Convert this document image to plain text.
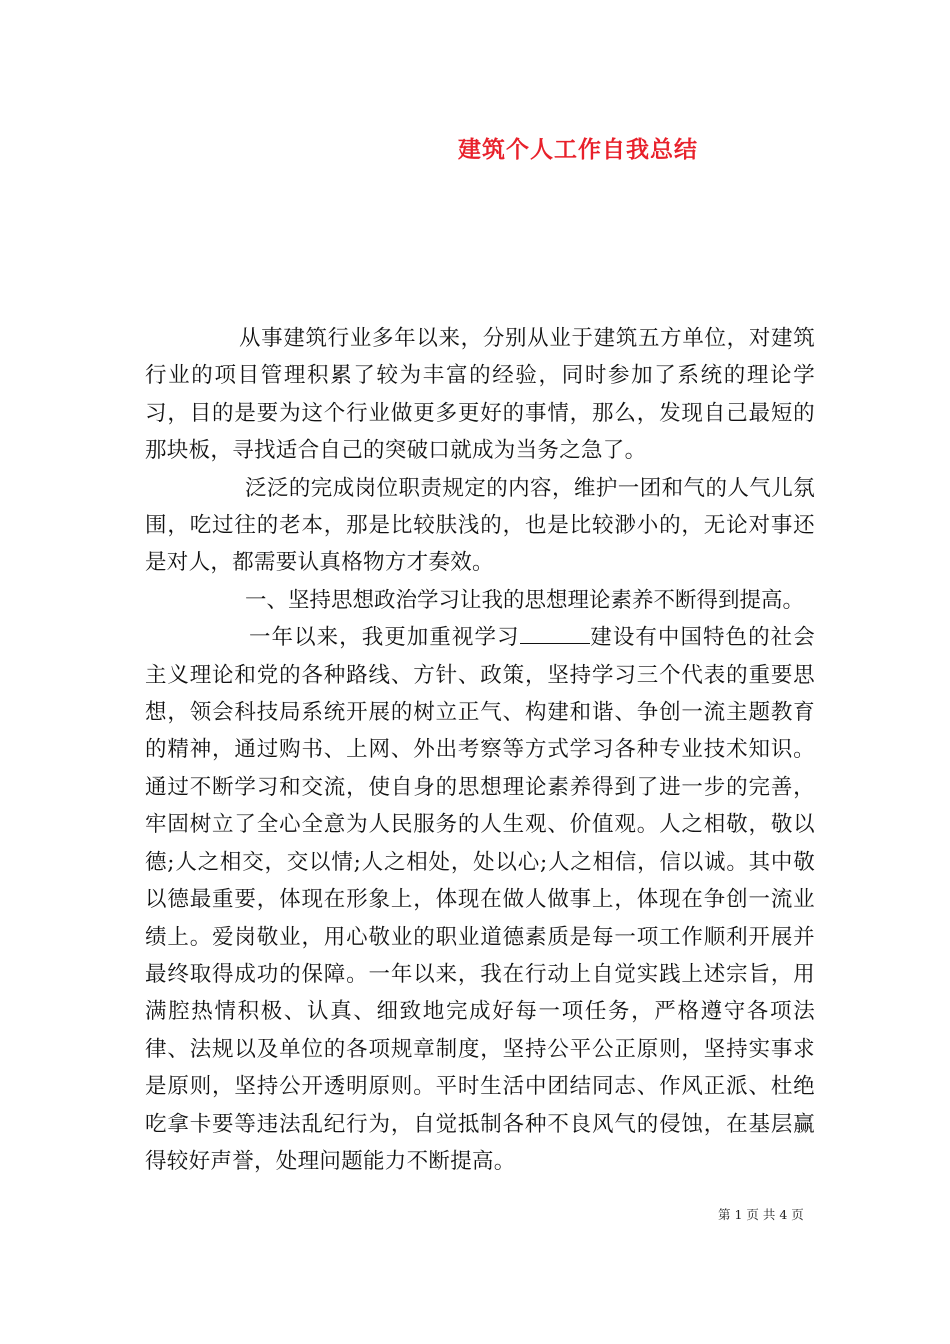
建筑个人工作自我总结

从事建筑行业多年以来，分别从业于建筑五方单位，对建筑行业的项目管理积累了较为丰富的经验，同时参加了系统的理论学习，目的是要为这个行业做更多更好的事情，那么，发现自己最短的那块板，寻找适合自己的突破口就成为当务之急了。

泛泛的完成岗位职责规定的内容，维护一团和气的人气儿氛围，吃过往的老本，那是比较肤浅的，也是比较渺小的，无论对事还是对人，都需要认真格物方才奏效。

一、坚持思想政治学习让我的思想理论素养不断得到提高。

一年以来，我更加重视学习	建设有中国特色的社会主义理论和党的各种路线、方针、政策，坚持学习三个代表的重要思想，领会科技局系统开展的树立正气、构建和谐、争创一流主题教育的精神，通过购书、上网、外出考察等方式学习各种专业技术知识。通过不断学习和交流，使自身的思想理论素养得到了进一步的完善，牢固树立了全心全意为人民服务的人生观、价值观。人之相敬，敬以德;人之相交，交以情;人之相处，处以心;人之相信，信以诚。其中敬以德最重要，体现在形象上，体现在做人做事上，体现在争创一流业绩上。爱岗敬业，用心敬业的职业道德素质是每一项工作顺利开展并最终取得成功的保障。一年以来，我在行动上自觉实践上述宗旨，用满腔热情积极、认真、细致地完成好每一项任务，严格遵守各项法律、法规以及单位的各项规章制度，坚持公平公正原则，坚持实事求是原则，坚持公开透明原则。平时生活中团结同志、作风正派、杜绝吃拿卡要等违法乱纪行为，自觉抵制各种不良风气的侵蚀，在基层赢得较好声誉，处理问题能力不断提高。

第 1 页 共 4 页
